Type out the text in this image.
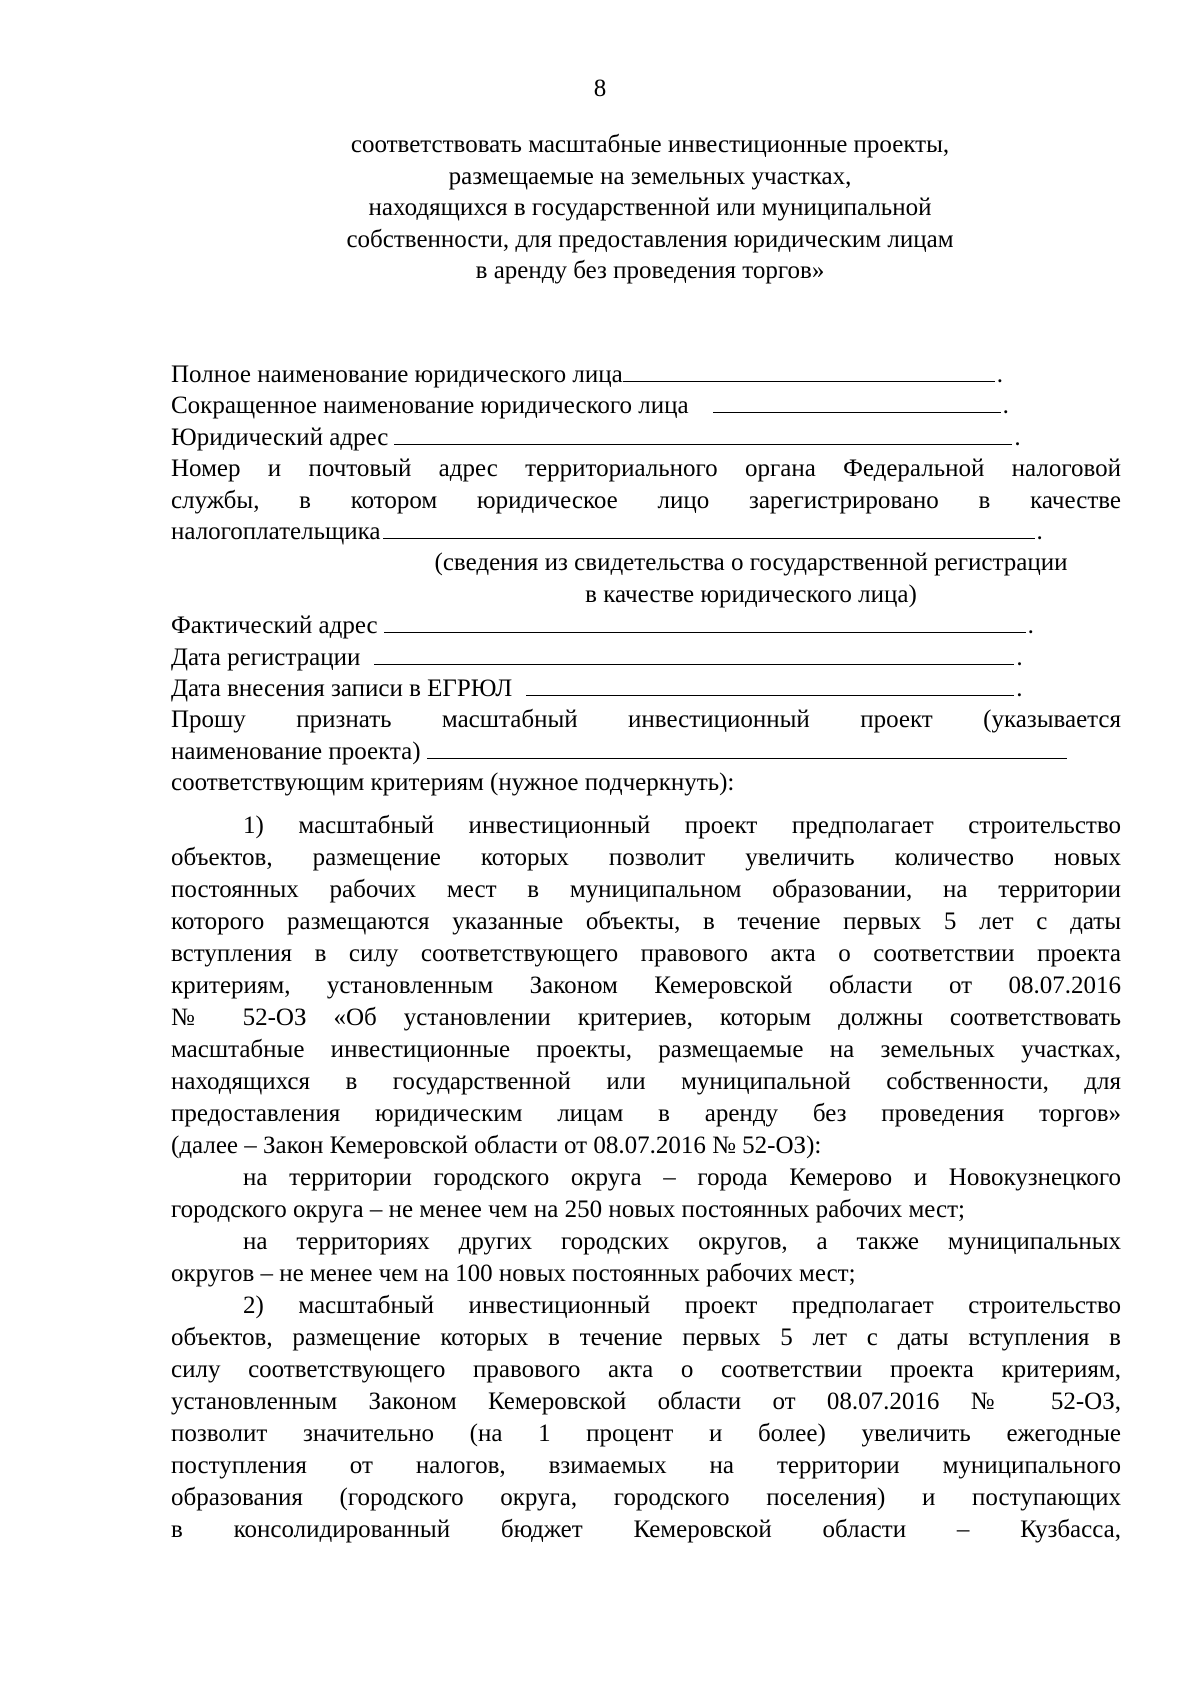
8
соответствовать масштабные инвестиционные проекты,
размещаемые на земельных участках,
находящихся в государственной или муниципальной
собственности, для предоставления юридическим лицам
в аренду без проведения торгов»
Полное наименование юридического лица	.
Сокращенное наименование юридического лица	.
Юридический адрес	.
Номер и почтовый адрес территориального органа Федеральной налоговой
службы, в котором юридическое лицо зарегистрировано в качестве
налогоплательщика	.
(сведения из свидетельства о государственной регистрации
в качестве юридического лица)
Фактический адрес	.
Дата регистрации	.
Дата внесения записи в ЕГРЮЛ	.
Прошу признать масштабный инвестиционный проект (указывается
наименование проекта)
соответствующим критериям (нужное подчеркнуть):
1) масштабный инвестиционный проект предполагает строительство
объектов, размещение которых позволит увеличить количество новых
постоянных рабочих мест в муниципальном образовании, на территории
которого размещаются указанные объекты, в течение первых 5 лет с даты
вступления в силу соответствующего правового акта о соответствии проекта
критериям, установленным Законом Кемеровской области от 08.07.2016
№ 52-ОЗ «Об установлении критериев, которым должны соответствовать
масштабные инвестиционные проекты, размещаемые на земельных участках,
находящихся в государственной или муниципальной собственности, для
предоставления юридическим лицам в аренду без проведения торгов»
(далее – Закон Кемеровской области от 08.07.2016 № 52-ОЗ):
на территории городского округа – города Кемерово и Новокузнецкого
городского округа – не менее чем на 250 новых постоянных рабочих мест;
на территориях других городских округов, а также муниципальных
округов – не менее чем на 100 новых постоянных рабочих мест;
2) масштабный инвестиционный проект предполагает строительство
объектов, размещение которых в течение первых 5 лет с даты вступления в
силу соответствующего правового акта о соответствии проекта критериям,
установленным Законом Кемеровской области от 08.07.2016 № 52-ОЗ,
позволит значительно (на 1 процент и более) увеличить ежегодные
поступления от налогов, взимаемых на территории муниципального
образования (городского округа, городского поселения) и поступающих
в консолидированный бюджет Кемеровской области – Кузбасса,
